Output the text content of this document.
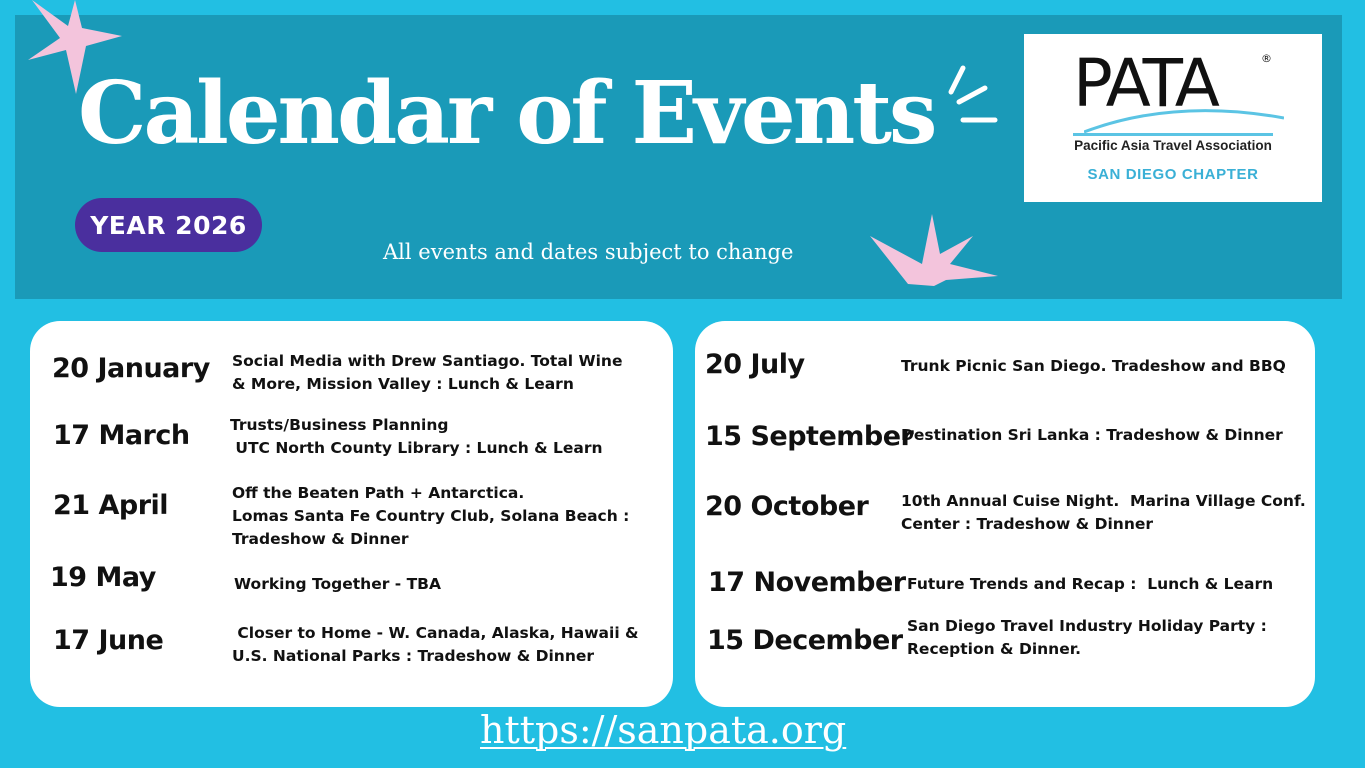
Calendar of Events
YEAR 2026
All events and dates subject to change
PATA	®
Pacific Asia Travel Association
SAN DIEGO CHAPTER
20 January Social Media with Drew Santiago. Total Wine
& More, Mission Valley : Lunch & Learn
17 March	Trusts/Business Planning
UTC North County Library : Lunch & Learn
21 April	Off the Beaten Path + Antarctica.
Lomas Santa Fe Country Club, Solana Beach :
Tradeshow & Dinner
19 May	Working Together - TBA
17 June	Closer to Home - W. Canada, Alaska, Hawaii &
U.S. National Parks : Tradeshow & Dinner
20 July	Trunk Picnic San Diego. Tradeshow and BBQ
15 September
Destination Sri Lanka : Tradeshow & Dinner
20 October 10th Annual Cuise Night.  Marina Village Conf.
Center : Tradeshow & Dinner
17 November Future Trends and Recap :  Lunch & Learn
15 December San Diego Travel Industry Holiday Party :
Reception & Dinner.
https://sanpata.org
